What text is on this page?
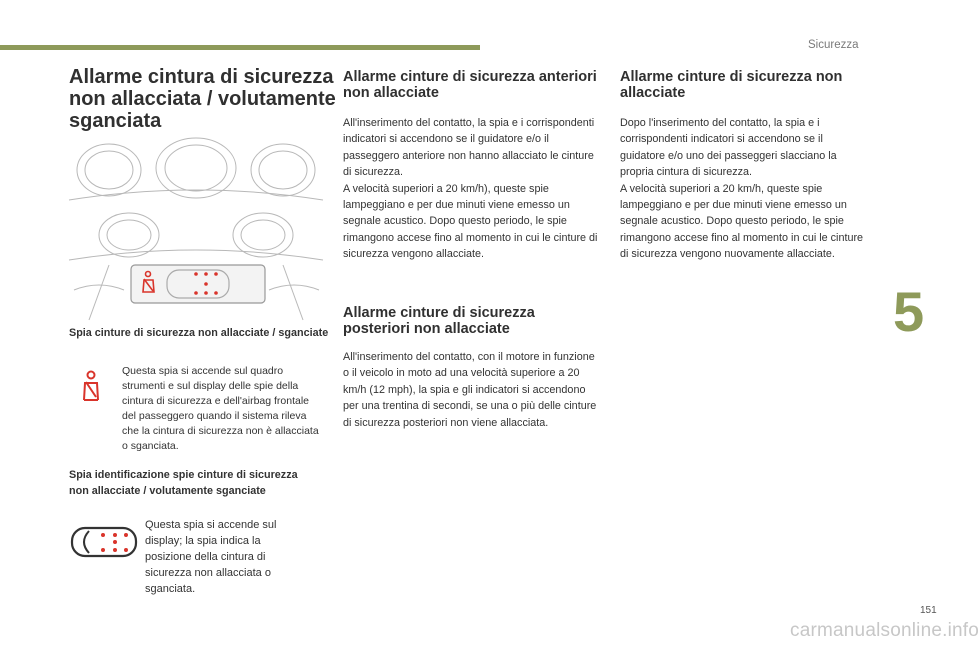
Sicurezza
5
151
carmanualsonline.info
Allarme cintura di sicurezza non allacciata / volutamente sganciata
Spia cinture di sicurezza non allacciate / sganciate
Questa spia si accende sul quadro strumenti e sul display delle spie della cintura di sicurezza e dell'airbag frontale del passeggero quando il sistema rileva che la cintura di sicurezza non è allacciata o sganciata.
Spia identificazione spie cinture di sicurezza non allacciate / volutamente sganciate
Questa spia si accende sul display; la spia indica la posizione della cintura di sicurezza non allacciata o sganciata.
Allarme cinture di sicurezza anteriori non allacciate

All'inserimento del contatto, la spia e i corrispondenti indicatori si accendono se il guidatore e/o il passeggero anteriore non hanno allacciato le cinture di sicurezza.
A velocità superiori a 20 km/h), queste spie lampeggiano e per due minuti viene emesso un segnale acustico. Dopo questo periodo, le spie rimangono accese fino al momento in cui le cinture di sicurezza vengono allacciate.

Allarme cinture di sicurezza posteriori non allacciate

All'inserimento del contatto, con il motore in funzione o il veicolo in moto ad una velocità superiore a 20 km/h (12 mph), la spia e gli indicatori si accendono per una trentina di secondi, se una o più delle cinture di sicurezza posteriori non viene allacciata.

Allarme cinture di sicurezza non allacciate

Dopo l'inserimento del contatto, la spia e i corrispondenti indicatori si accendono se il guidatore e/o uno dei passeggeri slacciano la propria cintura di sicurezza.
A velocità superiori a 20 km/h, queste spie lampeggiano e per due minuti viene emesso un segnale acustico. Dopo questo periodo, le spie rimangono accese fino al momento in cui le cinture di sicurezza vengono nuovamente allacciate.
